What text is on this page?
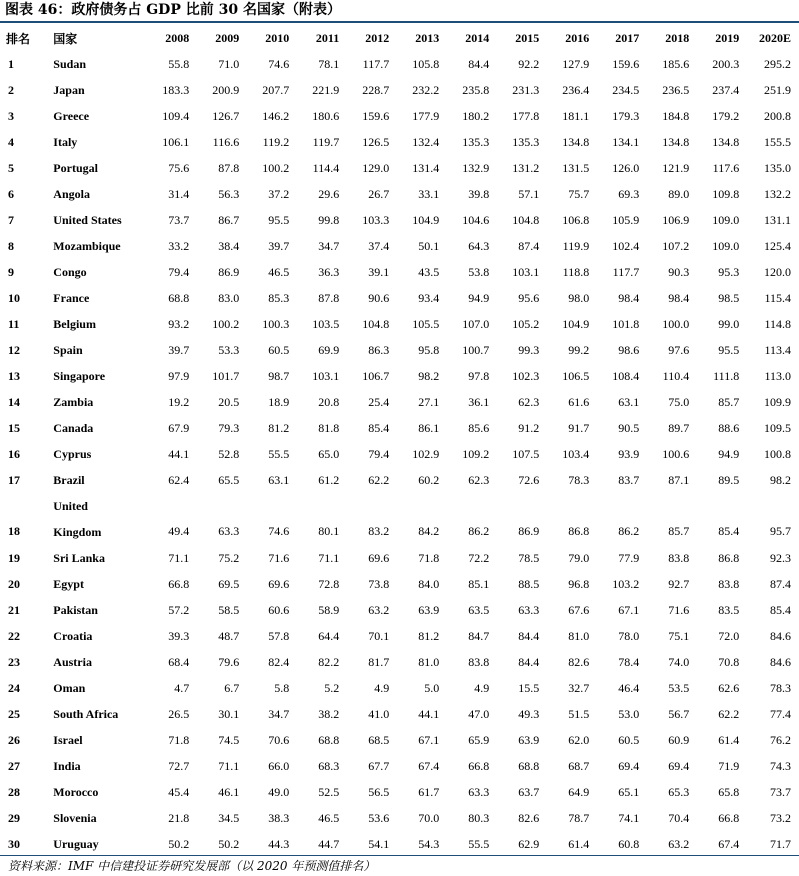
图表 46：政府债务占 GDP 比前 30 名国家（附表）
排名	国家	2008	2009	2010	2011	2012	2013	2014	2015	2016	2017	2018	2019	2020E
1	Sudan	55.8	71.0	74.6	78.1	117.7	105.8	84.4	92.2	127.9	159.6	185.6	200.3	295.2
2	Japan	183.3	200.9	207.7	221.9	228.7	232.2	235.8	231.3	236.4	234.5	236.5	237.4	251.9
3	Greece	109.4	126.7	146.2	180.6	159.6	177.9	180.2	177.8	181.1	179.3	184.8	179.2	200.8
4	Italy	106.1	116.6	119.2	119.7	126.5	132.4	135.3	135.3	134.8	134.1	134.8	134.8	155.5
5	Portugal	75.6	87.8	100.2	114.4	129.0	131.4	132.9	131.2	131.5	126.0	121.9	117.6	135.0
6	Angola	31.4	56.3	37.2	29.6	26.7	33.1	39.8	57.1	75.7	69.3	89.0	109.8	132.2
7	United States	73.7	86.7	95.5	99.8	103.3	104.9	104.6	104.8	106.8	105.9	106.9	109.0	131.1
8	Mozambique	33.2	38.4	39.7	34.7	37.4	50.1	64.3	87.4	119.9	102.4	107.2	109.0	125.4
9	Congo	79.4	86.9	46.5	36.3	39.1	43.5	53.8	103.1	118.8	117.7	90.3	95.3	120.0
10	France	68.8	83.0	85.3	87.8	90.6	93.4	94.9	95.6	98.0	98.4	98.4	98.5	115.4
11	Belgium	93.2	100.2	100.3	103.5	104.8	105.5	107.0	105.2	104.9	101.8	100.0	99.0	114.8
12	Spain	39.7	53.3	60.5	69.9	86.3	95.8	100.7	99.3	99.2	98.6	97.6	95.5	113.4
13	Singapore	97.9	101.7	98.7	103.1	106.7	98.2	97.8	102.3	106.5	108.4	110.4	111.8	113.0
14	Zambia	19.2	20.5	18.9	20.8	25.4	27.1	36.1	62.3	61.6	63.1	75.0	85.7	109.9
15	Canada	67.9	79.3	81.2	81.8	85.4	86.1	85.6	91.2	91.7	90.5	89.7	88.6	109.5
16	Cyprus	44.1	52.8	55.5	65.0	79.4	102.9	109.2	107.5	103.4	93.9	100.6	94.9	100.8
17	Brazil	62.4	65.5	63.1	61.2	62.2	60.2	62.3	72.6	78.3	83.7	87.1	89.5	98.2
18	United
Kingdom	49.4	63.3	74.6	80.1	83.2	84.2	86.2	86.9	86.8	86.2	85.7	85.4	95.7
19	Sri Lanka	71.1	75.2	71.6	71.1	69.6	71.8	72.2	78.5	79.0	77.9	83.8	86.8	92.3
20	Egypt	66.8	69.5	69.6	72.8	73.8	84.0	85.1	88.5	96.8	103.2	92.7	83.8	87.4
21	Pakistan	57.2	58.5	60.6	58.9	63.2	63.9	63.5	63.3	67.6	67.1	71.6	83.5	85.4
22	Croatia	39.3	48.7	57.8	64.4	70.1	81.2	84.7	84.4	81.0	78.0	75.1	72.0	84.6
23	Austria	68.4	79.6	82.4	82.2	81.7	81.0	83.8	84.4	82.6	78.4	74.0	70.8	84.6
24	Oman	4.7	6.7	5.8	5.2	4.9	5.0	4.9	15.5	32.7	46.4	53.5	62.6	78.3
25	South Africa	26.5	30.1	34.7	38.2	41.0	44.1	47.0	49.3	51.5	53.0	56.7	62.2	77.4
26	Israel	71.8	74.5	70.6	68.8	68.5	67.1	65.9	63.9	62.0	60.5	60.9	61.4	76.2
27	India	72.7	71.1	66.0	68.3	67.7	67.4	66.8	68.8	68.7	69.4	69.4	71.9	74.3
28	Morocco	45.4	46.1	49.0	52.5	56.5	61.7	63.3	63.7	64.9	65.1	65.3	65.8	73.7
29	Slovenia	21.8	34.5	38.3	46.5	53.6	70.0	80.3	82.6	78.7	74.1	70.4	66.8	73.2
30	Uruguay	50.2	50.2	44.3	44.7	54.1	54.3	55.5	62.9	61.4	60.8	63.2	67.4	71.7
资料来源：IMF 中信建投证券研究发展部（以 2020 年预测值排名）
